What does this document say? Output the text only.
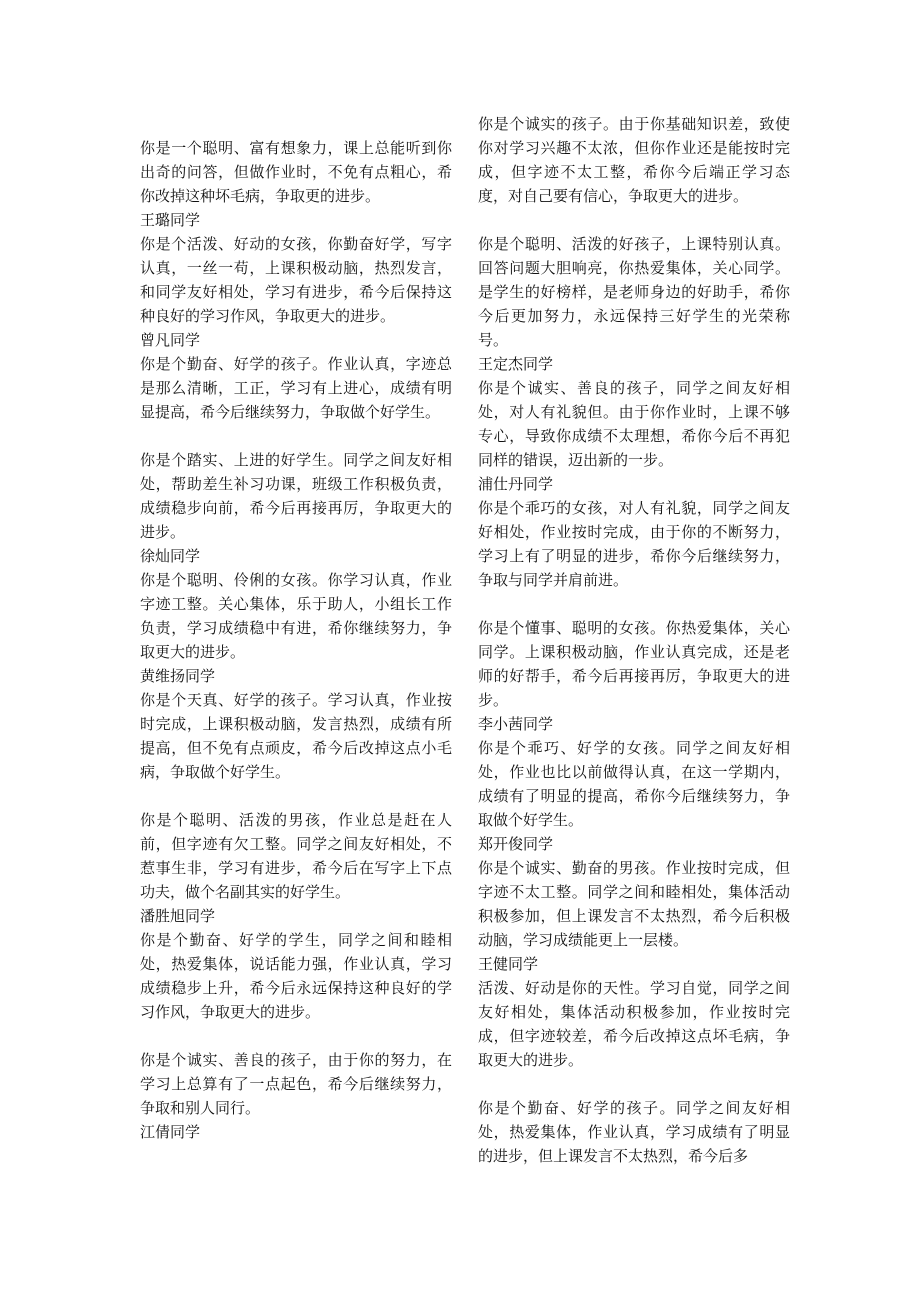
你是一个聪明、富有想象力，课上总能听到你出奇的问答，但做作业时，不免有点粗心，希你改掉这种坏毛病，争取更的进步。

王璐同学

你是个活泼、好动的女孩，你勤奋好学，写字认真，一丝一苟，上课积极动脑，热烈发言，和同学友好相处，学习有进步，希今后保持这种良好的学习作风，争取更大的进步。

曾凡同学

你是个勤奋、好学的孩子。作业认真，字迹总是那么清晰，工正，学习有上进心，成绩有明显提高，希今后继续努力，争取做个好学生。

你是个踏实、上进的好学生。同学之间友好相处，帮助差生补习功课，班级工作积极负责，成绩稳步向前，希今后再接再厉，争取更大的进步。

徐灿同学

你是个聪明、伶俐的女孩。你学习认真，作业字迹工整。关心集体，乐于助人，小组长工作负责，学习成绩稳中有进，希你继续努力，争取更大的进步。

黄维扬同学

你是个天真、好学的孩子。学习认真，作业按时完成，上课积极动脑，发言热烈，成绩有所提高，但不免有点顽皮，希今后改掉这点小毛病，争取做个好学生。

你是个聪明、活泼的男孩，作业总是赶在人前，但字迹有欠工整。同学之间友好相处，不惹事生非，学习有进步，希今后在写字上下点功夫，做个名副其实的好学生。

潘胜旭同学

你是个勤奋、好学的学生，同学之间和睦相处，热爱集体，说话能力强，作业认真，学习成绩稳步上升，希今后永远保持这种良好的学习作风，争取更大的进步。

你是个诚实、善良的孩子，由于你的努力，在学习上总算有了一点起色，希今后继续努力，争取和别人同行。

江倩同学

你是个诚实的孩子。由于你基础知识差，致使你对学习兴趣不太浓，但你作业还是能按时完成，但字迹不太工整，希你今后端正学习态度，对自己要有信心，争取更大的进步。

你是个聪明、活泼的好孩子，上课特别认真。回答问题大胆响亮，你热爱集体，关心同学。是学生的好榜样，是老师身边的好助手，希你今后更加努力，永远保持三好学生的光荣称号。

王定杰同学

你是个诚实、善良的孩子，同学之间友好相处，对人有礼貌但。由于你作业时，上课不够专心，导致你成绩不太理想，希你今后不再犯同样的错误，迈出新的一步。

浦仕丹同学

你是个乖巧的女孩，对人有礼貌，同学之间友好相处，作业按时完成，由于你的不断努力，学习上有了明显的进步，希你今后继续努力，争取与同学并肩前进。

你是个懂事、聪明的女孩。你热爱集体，关心同学。上课积极动脑，作业认真完成，还是老师的好帮手，希今后再接再厉，争取更大的进步。

李小茜同学

你是个乖巧、好学的女孩。同学之间友好相处，作业也比以前做得认真，在这一学期内，成绩有了明显的提高，希你今后继续努力，争取做个好学生。

郑开俊同学

你是个诚实、勤奋的男孩。作业按时完成，但字迹不太工整。同学之间和睦相处，集体活动积极参加，但上课发言不太热烈，希今后积极动脑，学习成绩能更上一层楼。

王健同学

活泼、好动是你的天性。学习自觉，同学之间友好相处，集体活动积极参加，作业按时完成，但字迹较差，希今后改掉这点坏毛病，争取更大的进步。

你是个勤奋、好学的孩子。同学之间友好相处，热爱集体，作业认真，学习成绩有了明显的进步，但上课发言不太热烈，希今后多
